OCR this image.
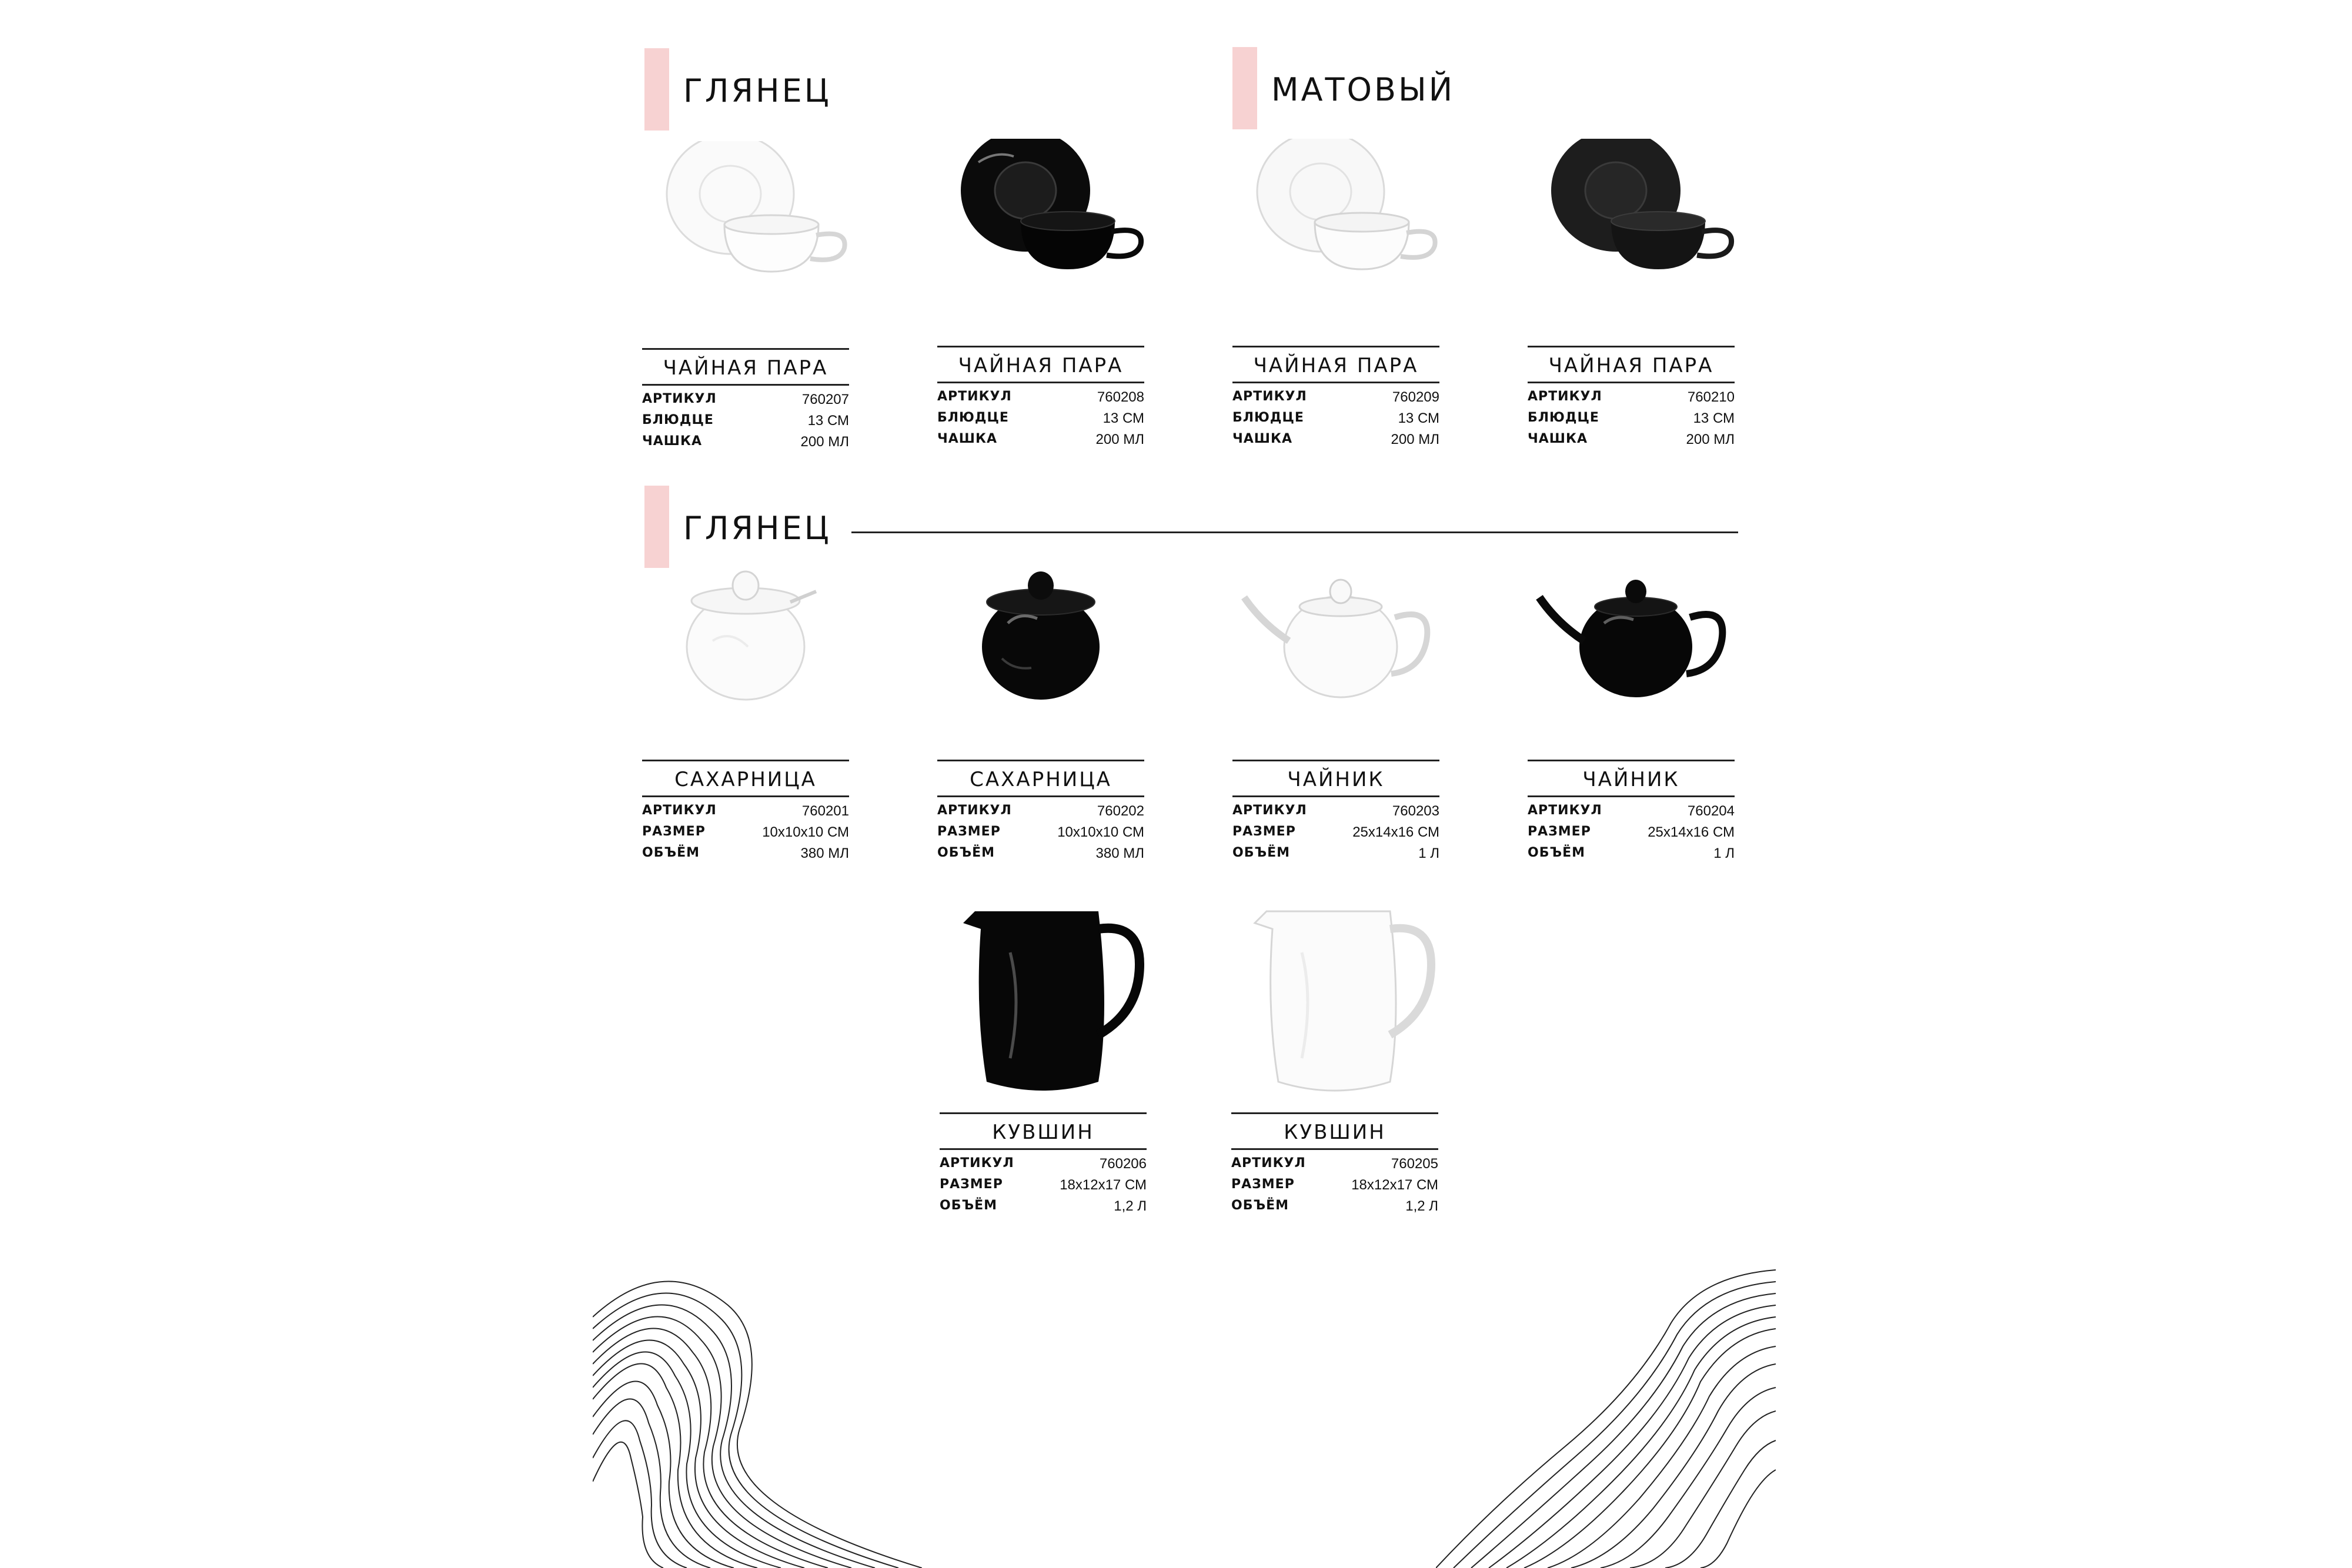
ГЛЯНЕЦ	МАТОВЫЙ
ГЛЯНЕЦ
ЧАЙНАЯ ПАРА
АРТИКУЛ	760207
БЛЮДЦЕ	13 СМ
ЧАШКА	200 МЛ
ЧАЙНАЯ ПАРА
АРТИКУЛ	760208
БЛЮДЦЕ	13 СМ
ЧАШКА	200 МЛ
ЧАЙНАЯ ПАРА
АРТИКУЛ	760209
БЛЮДЦЕ	13 СМ
ЧАШКА	200 МЛ
ЧАЙНАЯ ПАРА
АРТИКУЛ	760210
БЛЮДЦЕ	13 СМ
ЧАШКА	200 МЛ
САХАРНИЦА
АРТИКУЛ	760201
РАЗМЕР	10х10х10 СМ
ОБЪЁМ	380 МЛ
САХАРНИЦА
АРТИКУЛ	760202
РАЗМЕР	10х10х10 СМ
ОБЪЁМ	380 МЛ
ЧАЙНИК
АРТИКУЛ	760203
РАЗМЕР	25х14х16 СМ
ОБЪЁМ	1 Л
ЧАЙНИК
АРТИКУЛ	760204
РАЗМЕР	25х14х16 СМ
ОБЪЁМ	1 Л
КУВШИН
АРТИКУЛ	760206
РАЗМЕР	18х12х17 СМ
ОБЪЁМ	1,2 Л
КУВШИН
АРТИКУЛ	760205
РАЗМЕР	18х12х17 СМ
ОБЪЁМ	1,2 Л
